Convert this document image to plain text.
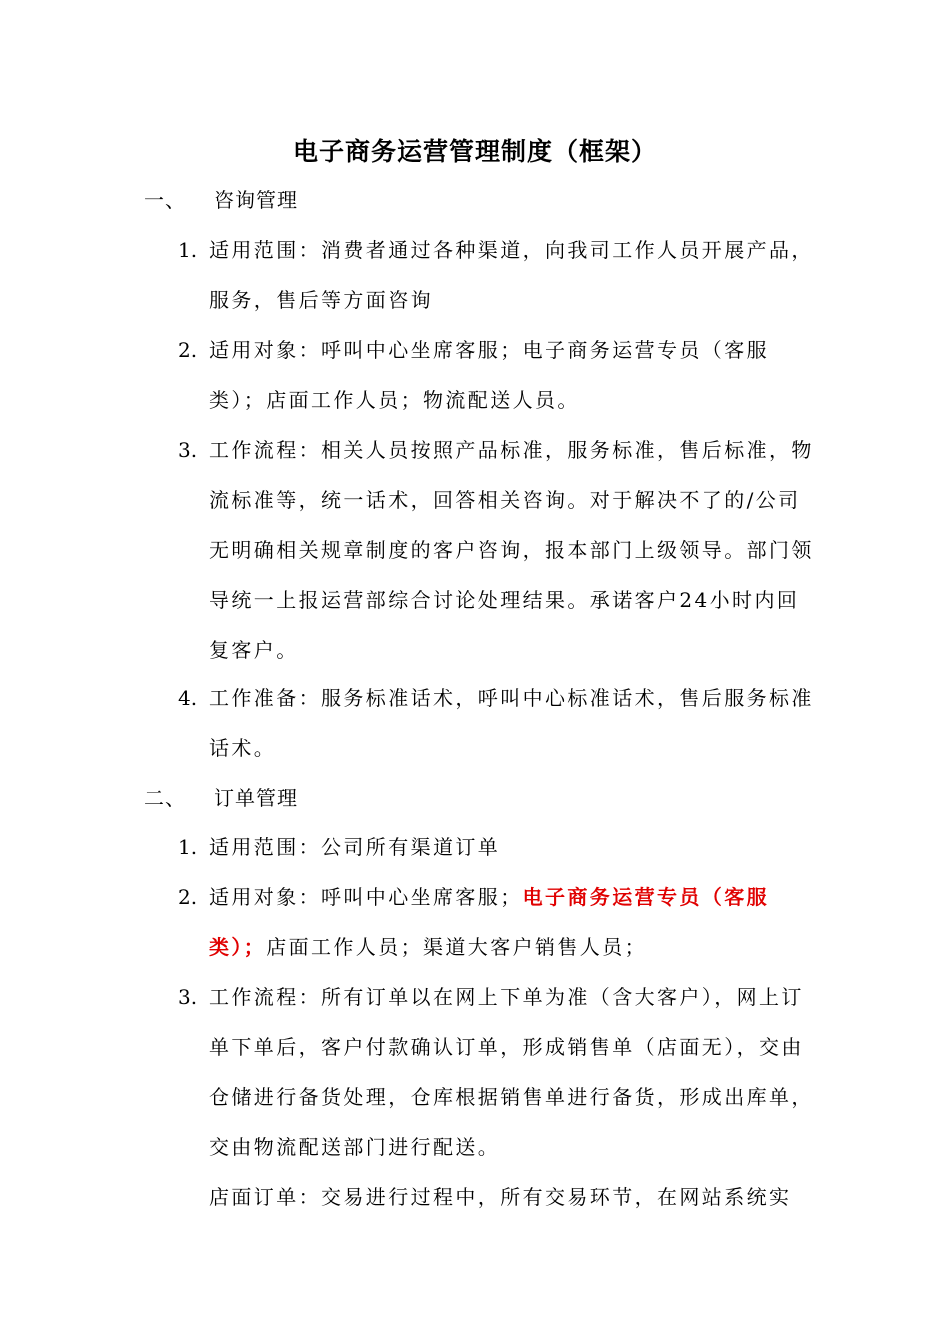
电子商务运营管理制度（框架）
一、 咨询管理
1. 适用范围：消费者通过各种渠道，向我司工作人员开展产品，服务，售后等方面咨询
2. 适用对象：呼叫中心坐席客服；电子商务运营专员（客服类）；店面工作人员；物流配送人员。
3. 工作流程：相关人员按照产品标准，服务标准，售后标准，物流标准等，统一话术，回答相关咨询。对于解决不了的/公司无明确相关规章制度的客户咨询，报本部门上级领导。部门领导统一上报运营部综合讨论处理结果。承诺客户24小时内回复客户。
4. 工作准备：服务标准话术，呼叫中心标准话术，售后服务标准话术。
二、 订单管理
1. 适用范围：公司所有渠道订单
2. 适用对象：呼叫中心坐席客服；电子商务运营专员（客服类）；店面工作人员；渠道大客户销售人员；
3. 工作流程：所有订单以在网上下单为准（含大客户），网上订单下单后，客户付款确认订单，形成销售单（店面无），交由仓储进行备货处理，仓库根据销售单进行备货，形成出库单，交由物流配送部门进行配送。
店面订单：交易进行过程中，所有交易环节，在网站系统实
